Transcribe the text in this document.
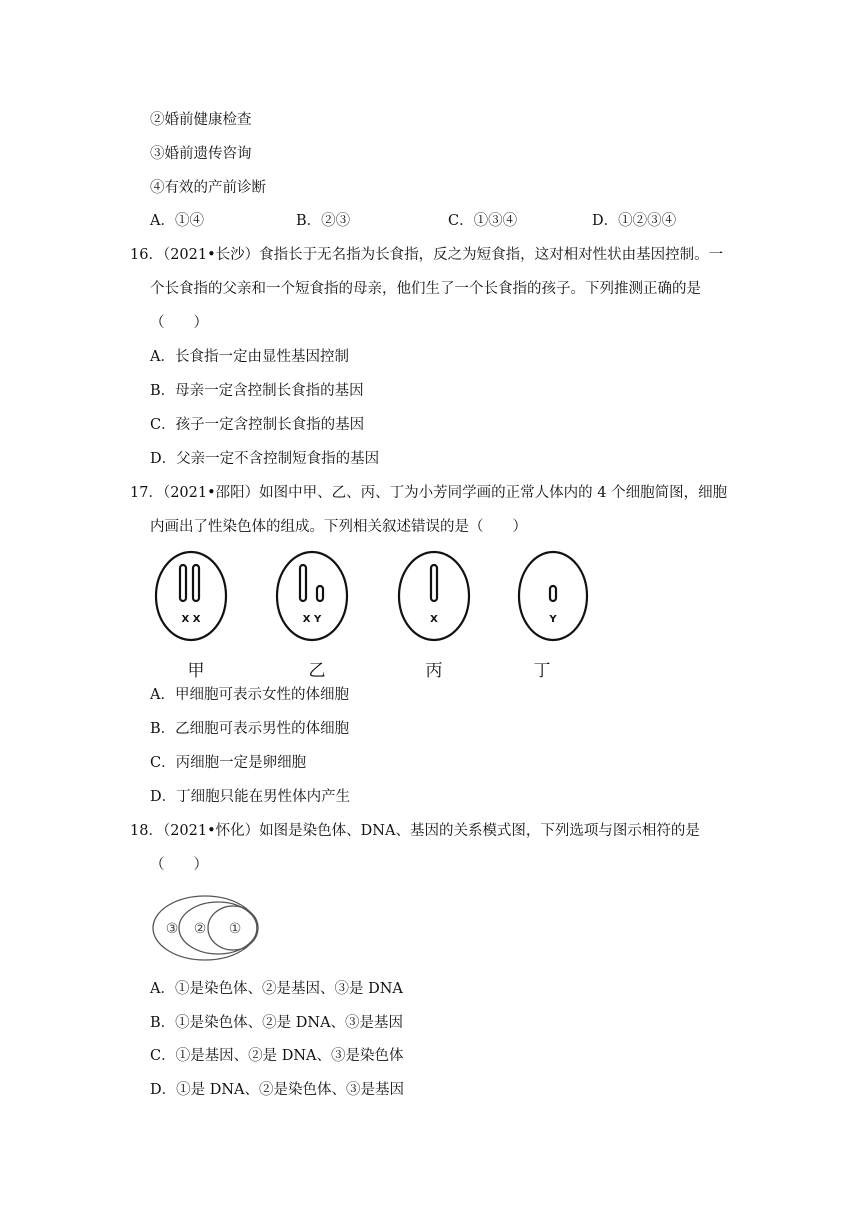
②婚前健康检查
③婚前遗传咨询
④有效的产前诊断
A．①④	B．②③	C．①③④	D．①②③④
16．（2021•长沙）食指长于无名指为长食指，反之为短食指，这对相对性状由基因控制。一
个长食指的父亲和一个短食指的母亲，他们生了一个长食指的孩子。下列推测正确的是
（　　）
A．长食指一定由显性基因控制
B．母亲一定含控制长食指的基因
C．孩子一定含控制长食指的基因
D．父亲一定不含控制短食指的基因
17．（2021•邵阳）如图中甲、乙、丙、丁为小芳同学画的正常人体内的 4 个细胞简图，细胞
内画出了性染色体的组成。下列相关叙述错误的是（　　）
X X	X Y	X	Y
甲	乙	丙	丁
A．甲细胞可表示女性的体细胞
B．乙细胞可表示男性的体细胞
C．丙细胞一定是卵细胞
D．丁细胞只能在男性体内产生
18．（2021•怀化）如图是染色体、DNA、基因的关系模式图，下列选项与图示相符的是
（　　）
③ ② ①
A．①是染色体、②是基因、③是 DNA
B．①是染色体、②是 DNA、③是基因
C．①是基因、②是 DNA、③是染色体
D．①是 DNA、②是染色体、③是基因
